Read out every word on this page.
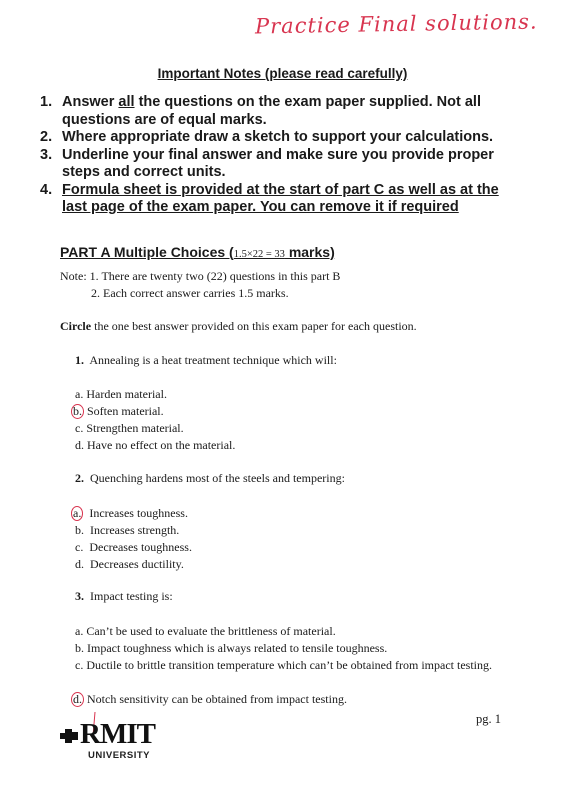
Practice Final solutions.
Important Notes (please read carefully)
1. Answer all the questions on the exam paper supplied. Not all questions are of equal marks.
2. Where appropriate draw a sketch to support your calculations.
3. Underline your final answer and make sure you provide proper steps and correct units.
4. Formula sheet is provided at the start of part C as well as at the last page of the exam paper. You can remove it if required
PART A Multiple Choices (1.5×22 = 33 marks)
Note: 1. There are twenty two (22) questions in this part B
2. Each correct answer carries 1.5 marks.
Circle the one best answer provided on this exam paper for each question.
1. Annealing is a heat treatment technique which will:
a. Harden material.
b. Soften material.
c. Strengthen material.
d. Have no effect on the material.
2. Quenching hardens most of the steels and tempering:
a. Increases toughness.
b. Increases strength.
c. Decreases toughness.
d. Decreases ductility.
3. Impact testing is:
a. Can’t be used to evaluate the brittleness of material.
b. Impact toughness which is always related to tensile toughness.
c. Ductile to brittle transition temperature which can’t be obtained from impact testing.
d. Notch sensitivity can be obtained from impact testing.
pg. 1
RMIT
UNIVERSITY
